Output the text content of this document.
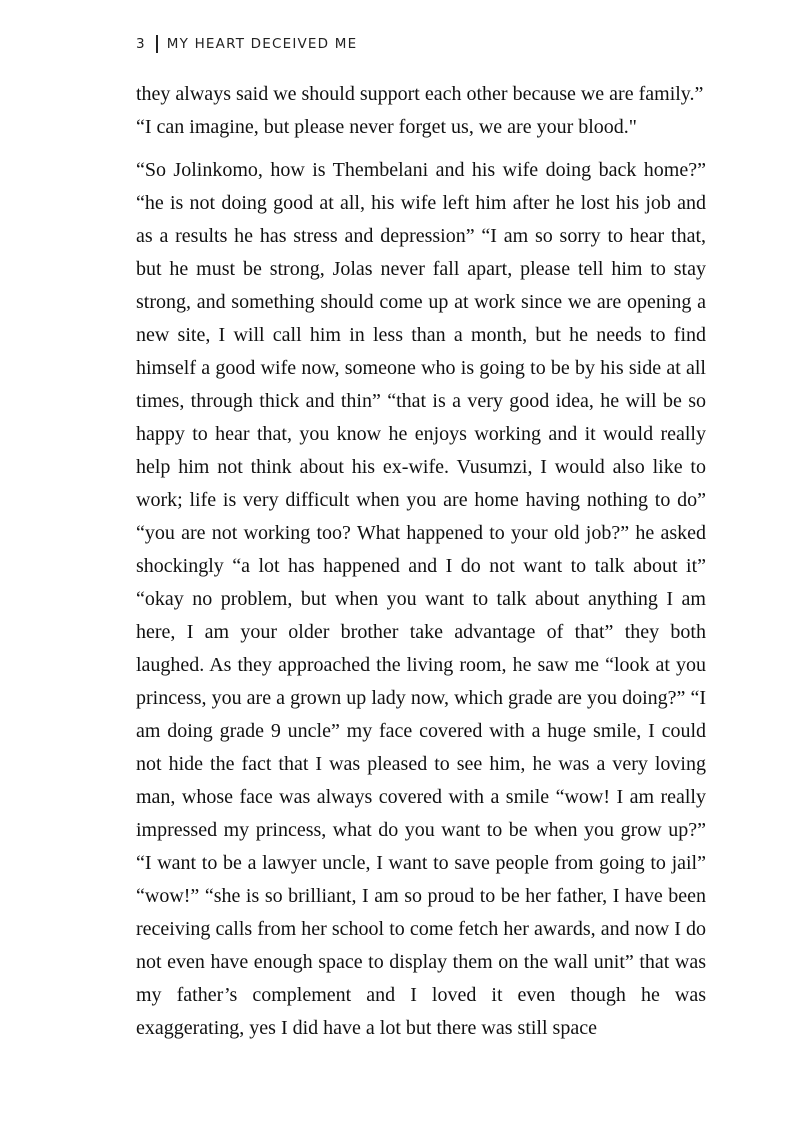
3 MY HEART DECEIVED ME

they always said we should support each other because we are family.” “I can imagine, but please never forget us, we are your blood."

“So Jolinkomo, how is Thembelani and his wife doing back home?” “he is not doing good at all, his wife left him after he lost his job and as a results he has stress and depression” “I am so sorry to hear that, but he must be strong, Jolas never fall apart, please tell him to stay strong, and something should come up at work since we are opening a new site, I will call him in less than a month, but he needs to find himself a good wife now, someone who is going to be by his side at all times, through thick and thin” “that is a very good idea, he will be so happy to hear that, you know he enjoys working and it would really help him not think about his ex-wife. Vusumzi, I would also like to work; life is very difficult when you are home having nothing to do” “you are not working too? What happened to your old job?” he asked shockingly “a lot has happened and I do not want to talk about it” “okay no problem, but when you want to talk about anything I am here, I am your older brother take advantage of that” they both laughed. As they approached the living room, he saw me “look at you princess, you are a grown up lady now, which grade are you doing?” “I am doing grade 9 uncle” my face covered with a huge smile, I could not hide the fact that I was pleased to see him, he was a very loving man, whose face was always covered with a smile “wow! I am really impressed my princess, what do you want to be when you grow up?” “I want to be a lawyer uncle, I want to save people from going to jail” “wow!” “she is so brilliant, I am so proud to be her father, I have been receiving calls from her school to come fetch her awards, and now I do not even have enough space to display them on the wall unit” that was my father’s complement and I loved it even though he was exaggerating, yes I did have a lot but there was still space
